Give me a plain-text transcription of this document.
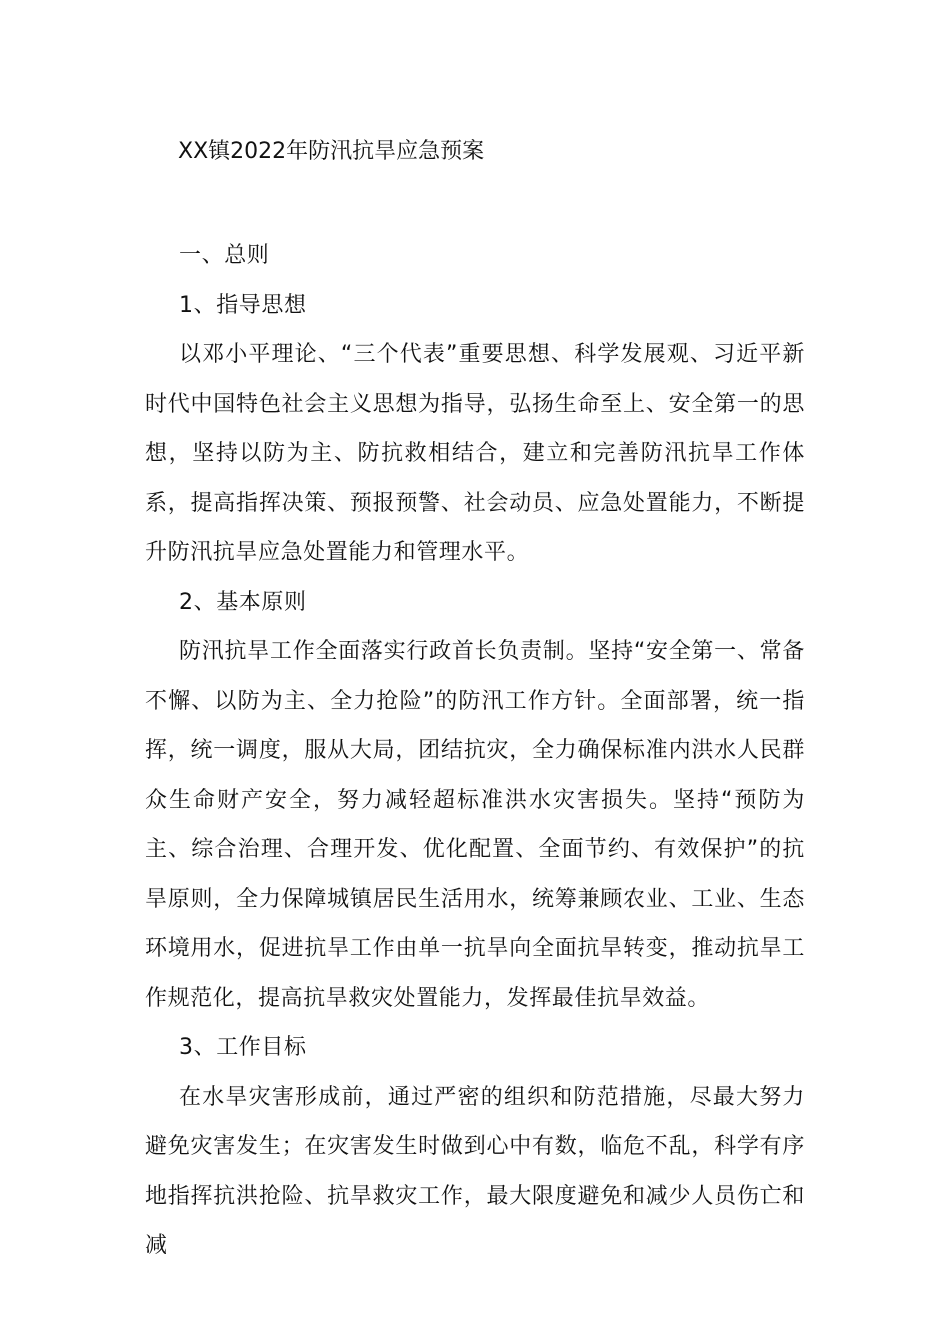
XX镇2022年防汛抗旱应急预案

一、总则

1、指导思想

以邓小平理论、“三个代表”重要思想、科学发展观、习近平新时代中国特色社会主义思想为指导，弘扬生命至上、安全第一的思想，坚持以防为主、防抗救相结合，建立和完善防汛抗旱工作体系，提高指挥决策、预报预警、社会动员、应急处置能力，不断提升防汛抗旱应急处置能力和管理水平。

2、基本原则

防汛抗旱工作全面落实行政首长负责制。坚持“安全第一、常备不懈、以防为主、全力抢险”的防汛工作方针。全面部署，统一指挥，统一调度，服从大局，团结抗灾，全力确保标准内洪水人民群众生命财产安全，努力减轻超标准洪水灾害损失。坚持“预防为主、综合治理、合理开发、优化配置、全面节约、有效保护”的抗旱原则，全力保障城镇居民生活用水，统筹兼顾农业、工业、生态环境用水，促进抗旱工作由单一抗旱向全面抗旱转变，推动抗旱工作规范化，提高抗旱救灾处置能力，发挥最佳抗旱效益。

3、工作目标

在水旱灾害形成前，通过严密的组织和防范措施，尽最大努力避免灾害发生；在灾害发生时做到心中有数，临危不乱，科学有序地指挥抗洪抢险、抗旱救灾工作，最大限度避免和减少人员伤亡和减
